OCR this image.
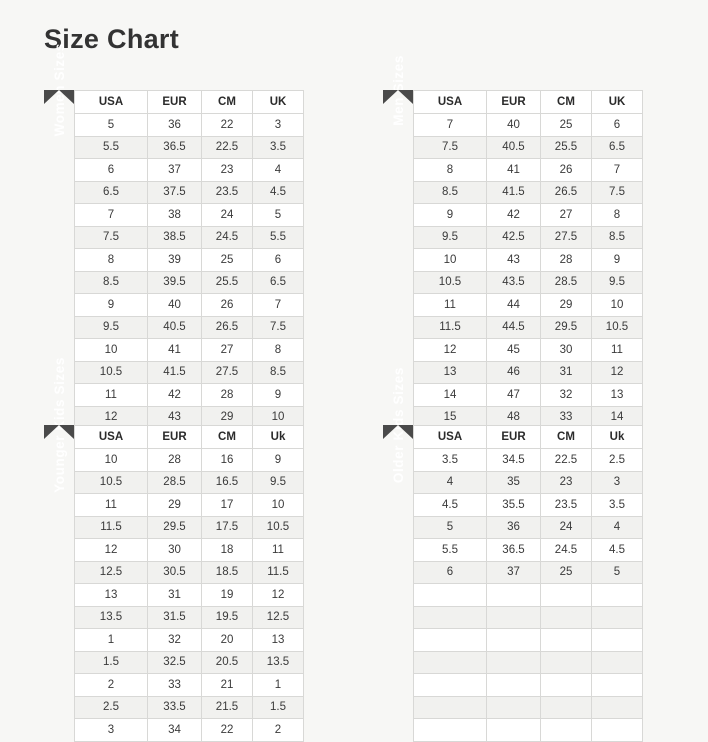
Size Chart
Women Sizes	USA	EUR	CM	UK
5	36	22	3
5.5	36.5	22.5	3.5
6	37	23	4
6.5	37.5	23.5	4.5
7	38	24	5
7.5	38.5	24.5	5.5
8	39	25	6
8.5	39.5	25.5	6.5
9	40	26	7
9.5	40.5	26.5	7.5
10	41	27	8
10.5	41.5	27.5	8.5
11	42	28	9
12	43	29	10
Men Sizes	USA	EUR	CM	UK
7	40	25	6
7.5	40.5	25.5	6.5
8	41	26	7
8.5	41.5	26.5	7.5
9	42	27	8
9.5	42.5	27.5	8.5
10	43	28	9
10.5	43.5	28.5	9.5
11	44	29	10
11.5	44.5	29.5	10.5
12	45	30	11
13	46	31	12
14	47	32	13
15	48	33	14
Younger Kids Sizes	USA	EUR	CM	Uk
10	28	16	9
10.5	28.5	16.5	9.5
11	29	17	10
11.5	29.5	17.5	10.5
12	30	18	11
12.5	30.5	18.5	11.5
13	31	19	12
13.5	31.5	19.5	12.5
1	32	20	13
1.5	32.5	20.5	13.5
2	33	21	1
2.5	33.5	21.5	1.5
3	34	22	2
Older Kids Sizes	USA	EUR	CM	Uk
3.5	34.5	22.5	2.5
4	35	23	3
4.5	35.5	23.5	3.5
5	36	24	4
5.5	36.5	24.5	4.5
6	37	25	5
